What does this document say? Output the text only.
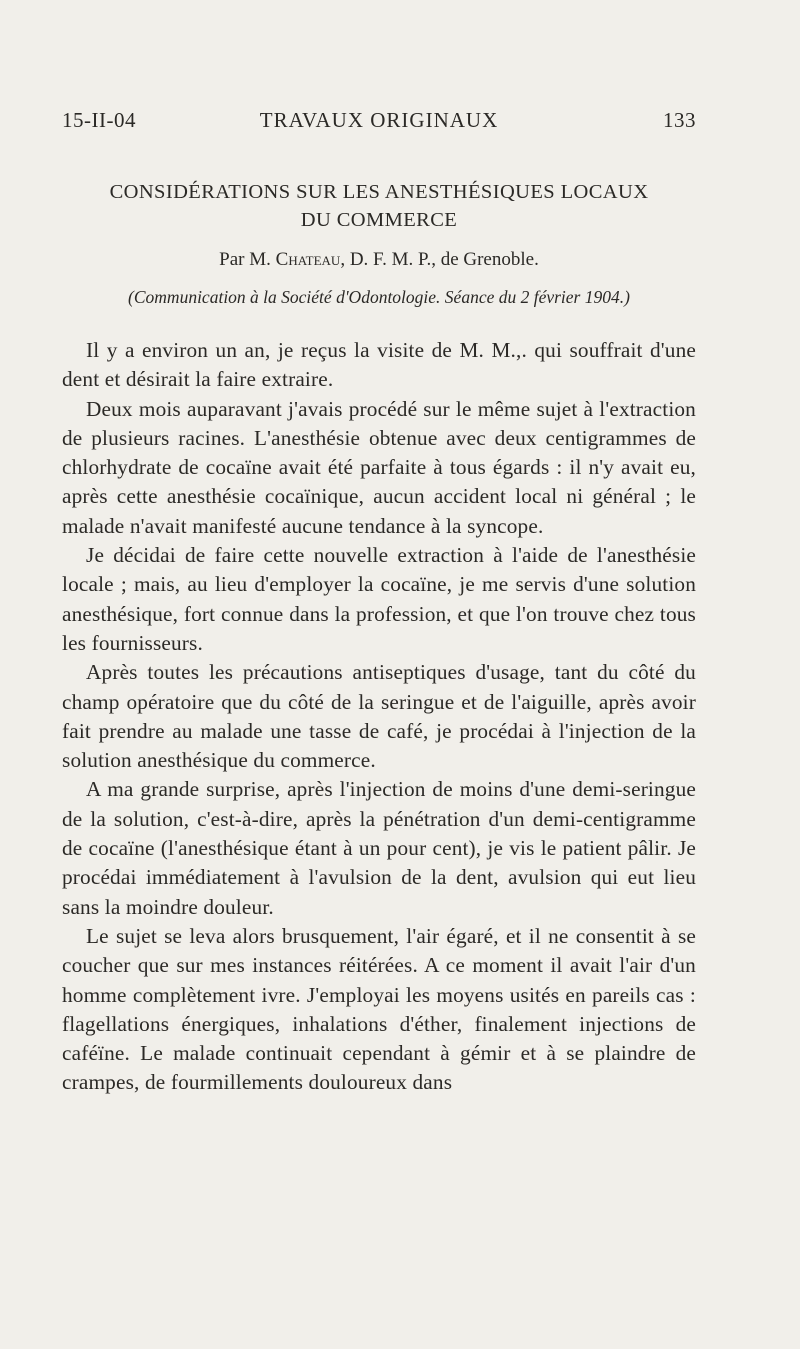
15-II-04	TRAVAUX ORIGINAUX	133
CONSIDÉRATIONS SUR LES ANESTHÉSIQUES LOCAUX
DU COMMERCE
Par M. Chateau, D. F. M. P., de Grenoble.
(Communication à la Société d'Odontologie. Séance du 2 février 1904.)

Il y a environ un an, je reçus la visite de M. M.,. qui souffrait d'une dent et désirait la faire extraire.

Deux mois auparavant j'avais procédé sur le même sujet à l'extraction de plusieurs racines. L'anesthésie obtenue avec deux centigrammes de chlorhydrate de cocaïne avait été parfaite à tous égards : il n'y avait eu, après cette anesthésie cocaïnique, aucun accident local ni général ; le malade n'avait manifesté aucune tendance à la syncope.

Je décidai de faire cette nouvelle extraction à l'aide de l'anesthésie locale ; mais, au lieu d'employer la cocaïne, je me servis d'une solution anesthésique, fort connue dans la profession, et que l'on trouve chez tous les fournisseurs.

Après toutes les précautions antiseptiques d'usage, tant du côté du champ opératoire que du côté de la seringue et de l'aiguille, après avoir fait prendre au malade une tasse de café, je procédai à l'injection de la solution anesthésique du commerce.

A ma grande surprise, après l'injection de moins d'une demi-seringue de la solution, c'est-à-dire, après la pénétration d'un demi-centigramme de cocaïne (l'anesthésique étant à un pour cent), je vis le patient pâlir. Je procédai immédiatement à l'avulsion de la dent, avulsion qui eut lieu sans la moindre douleur.

Le sujet se leva alors brusquement, l'air égaré, et il ne consentit à se coucher que sur mes instances réitérées. A ce moment il avait l'air d'un homme complètement ivre. J'employai les moyens usités en pareils cas : flagellations énergiques, inhalations d'éther, finalement injections de caféïne. Le malade continuait cependant à gémir et à se plaindre de crampes, de fourmillements douloureux dans
